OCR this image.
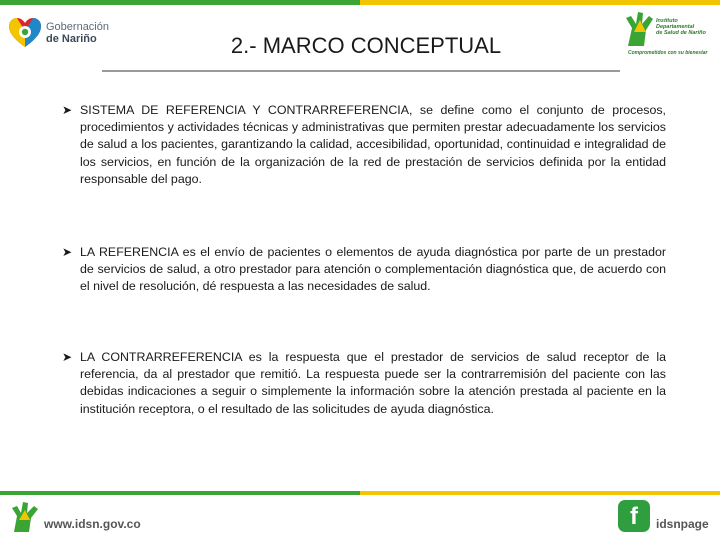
Gobernación
de Nariño
Instituto
Departamental
de Salud de Nariño
Comprometidos con su bienestar
2.- MARCO CONCEPTUAL
➤ SISTEMA DE REFERENCIA Y CONTRARREFERENCIA, se define como el conjunto de procesos, procedimientos y actividades técnicas y administrativas que permiten prestar adecuadamente los servicios de salud a los pacientes, garantizando la calidad, accesibilidad, oportunidad, continuidad e integralidad de los servicios, en función de la organización de la red de prestación de servicios definida por la entidad responsable del pago.
➤ LA REFERENCIA es el envío de pacientes o elementos de ayuda diagnóstica por parte de un prestador de servicios de salud, a otro prestador para atención o complementación diagnóstica que, de acuerdo con el nivel de resolución, dé respuesta a las necesidades de salud.
➤ LA CONTRARREFERENCIA es la respuesta que el prestador de servicios de salud receptor de la referencia, da al prestador que remitió. La respuesta puede ser la contrarremisión del paciente con las debidas indicaciones a seguir o simplemente la información sobre la atención prestada al paciente en la institución receptora, o el resultado de las solicitudes de ayuda diagnóstica.
www.idsn.gov.co	f	idsnpage
